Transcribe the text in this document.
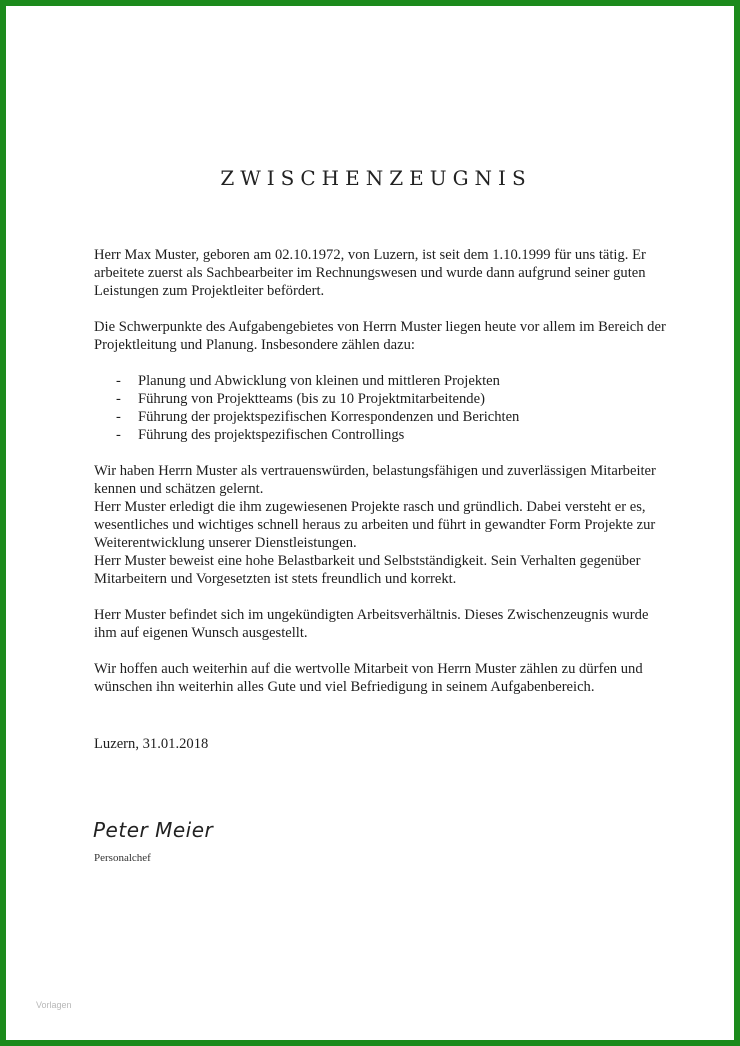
ZWISCHENZEUGNIS

Herr Max Muster, geboren am 02.10.1972, von Luzern, ist seit dem 1.10.1999 für uns tätig. Er arbeitete zuerst als Sachbearbeiter im Rechnungswesen und wurde dann aufgrund seiner guten Leistungen zum Projektleiter befördert.

Die Schwerpunkte des Aufgabengebietes von Herrn Muster liegen heute vor allem im Bereich der Projektleitung und Planung. Insbesondere zählen dazu:

- Planung und Abwicklung von kleinen und mittleren Projekten
- Führung von Projektteams (bis zu 10 Projektmitarbeitende)
- Führung der projektspezifischen Korrespondenzen und Berichten
- Führung des projektspezifischen Controllings

Wir haben Herrn Muster als vertrauenswürden, belastungsfähigen und zuverlässigen Mitarbeiter kennen und schätzen gelernt.

Herr Muster erledigt die ihm zugewiesenen Projekte rasch und gründlich. Dabei versteht er es, wesentliches und wichtiges schnell heraus zu arbeiten und führt in gewandter Form Projekte zur Weiterentwicklung unserer Dienstleistungen.

Herr Muster beweist eine hohe Belastbarkeit und Selbstständigkeit. Sein Verhalten gegenüber Mitarbeitern und Vorgesetzten ist stets freundlich und korrekt.

Herr Muster befindet sich im ungekündigten Arbeitsverhältnis. Dieses Zwischenzeugnis wurde ihm auf eigenen Wunsch ausgestellt.

Wir hoffen auch weiterhin auf die wertvolle Mitarbeit von Herrn Muster zählen zu dürfen und wünschen ihn weiterhin alles Gute und viel Befriedigung in seinem Aufgabenbereich.

Luzern, 31.01.2018
Peter Meier
Personalchef
Vorlagen
